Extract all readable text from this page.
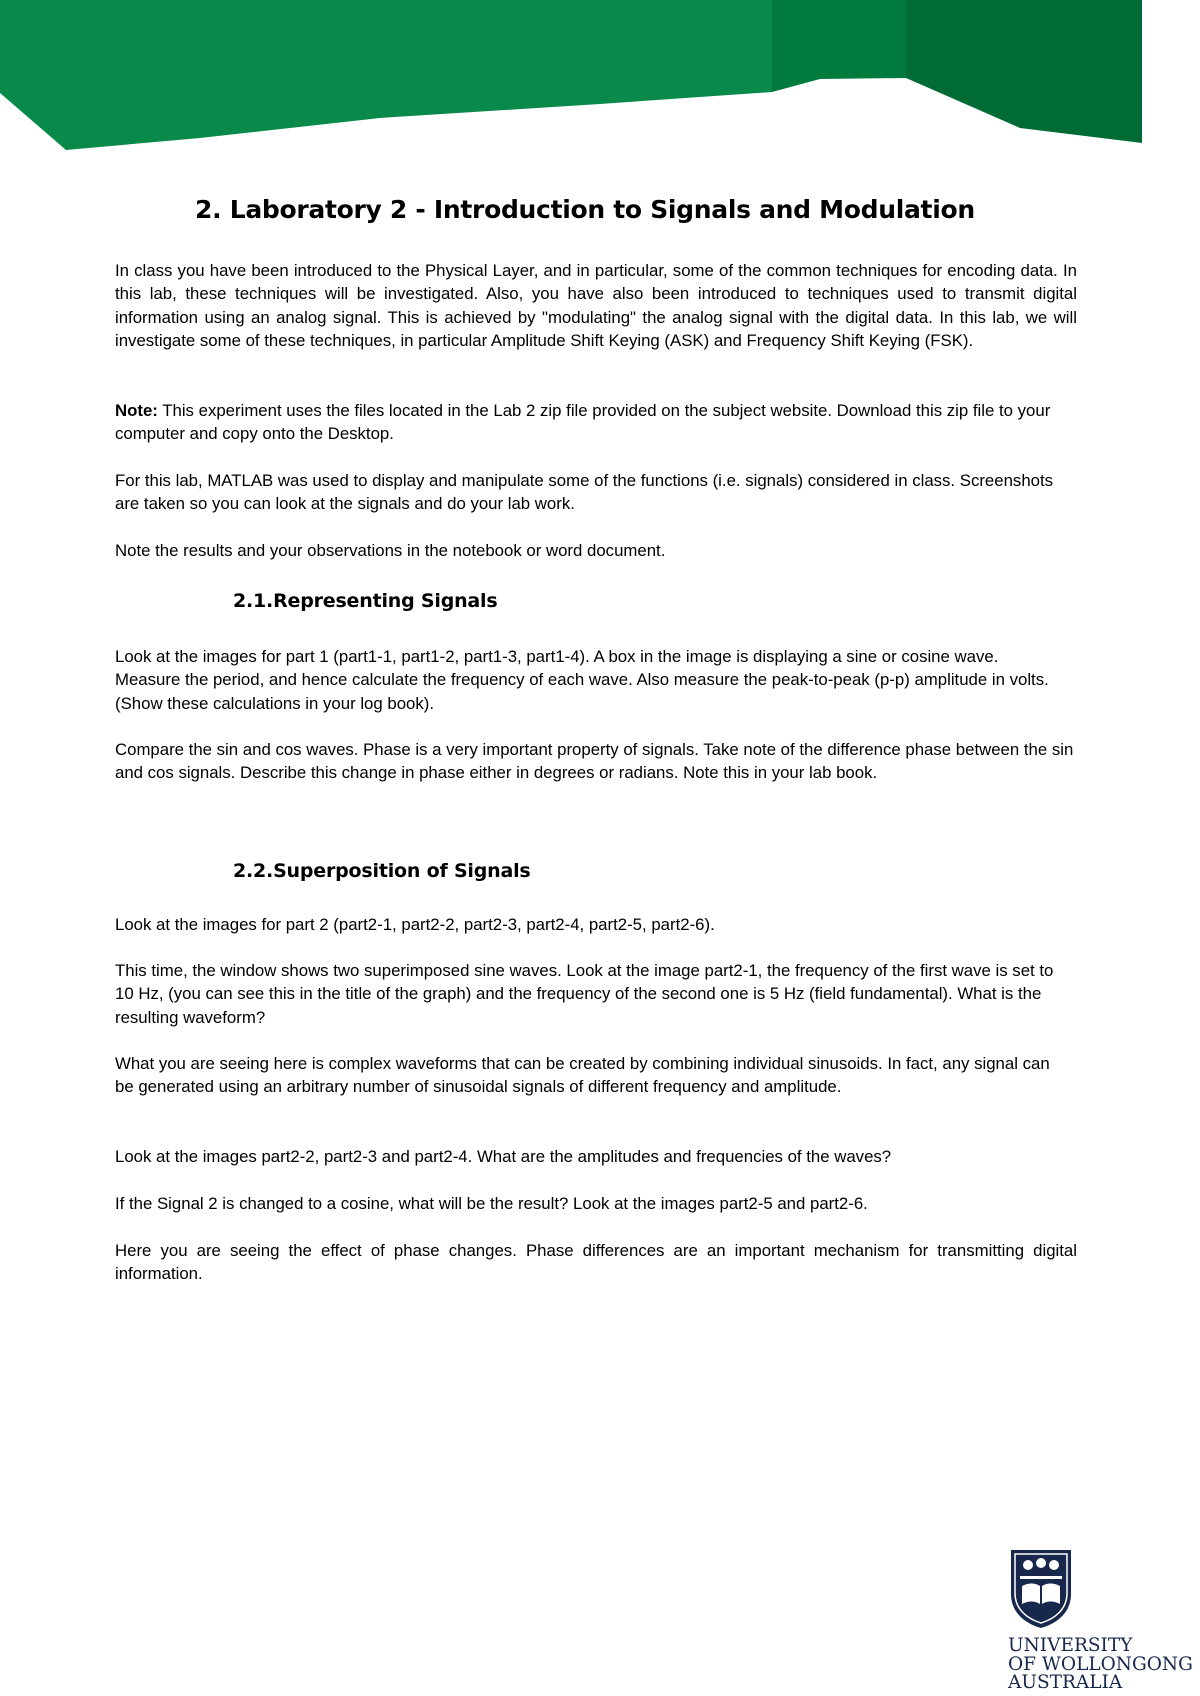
2. Laboratory 2 - Introduction to Signals and Modulation

In class you have been introduced to the Physical Layer, and in particular, some of the common techniques for encoding data. In this lab, these techniques will be investigated. Also, you have also been introduced to techniques used to transmit digital information using an analog signal. This is achieved by "modulating" the analog signal with the digital data. In this lab, we will investigate some of these techniques, in particular Amplitude Shift Keying (ASK) and Frequency Shift Keying (FSK).

Note: This experiment uses the files located in the Lab 2 zip file provided on the subject website. Download this zip file to your computer and copy onto the Desktop.

For this lab, MATLAB was used to display and manipulate some of the functions (i.e. signals) considered in class. Screenshots are taken so you can look at the signals and do your lab work.

Note the results and your observations in the notebook or word document.

2.1.Representing Signals

Look at the images for part 1 (part1-1, part1-2, part1-3, part1-4). A box in the image is displaying a sine or cosine wave. Measure the period, and hence calculate the frequency of each wave. Also measure the peak-to-peak (p-p) amplitude in volts. (Show these calculations in your log book).

Compare the sin and cos waves. Phase is a very important property of signals. Take note of the difference phase between the sin and cos signals. Describe this change in phase either in degrees or radians. Note this in your lab book.

2.2.Superposition of Signals

Look at the images for part 2 (part2-1, part2-2, part2-3, part2-4, part2-5, part2-6).

This time, the window shows two superimposed sine waves. Look at the image part2-1, the frequency of the first wave is set to 10 Hz, (you can see this in the title of the graph) and the frequency of the second one is 5 Hz (field fundamental). What is the resulting waveform?

What you are seeing here is complex waveforms that can be created by combining individual sinusoids. In fact, any signal can be generated using an arbitrary number of sinusoidal signals of different frequency and amplitude.

Look at the images part2-2, part2-3 and part2-4. What are the amplitudes and frequencies of the waves?

If the Signal 2 is changed to a cosine, what will be the result? Look at the images part2-5 and part2-6.

Here you are seeing the effect of phase changes. Phase differences are an important mechanism for transmitting digital information.

UNIVERSITY
OF WOLLONGONG
AUSTRALIA
